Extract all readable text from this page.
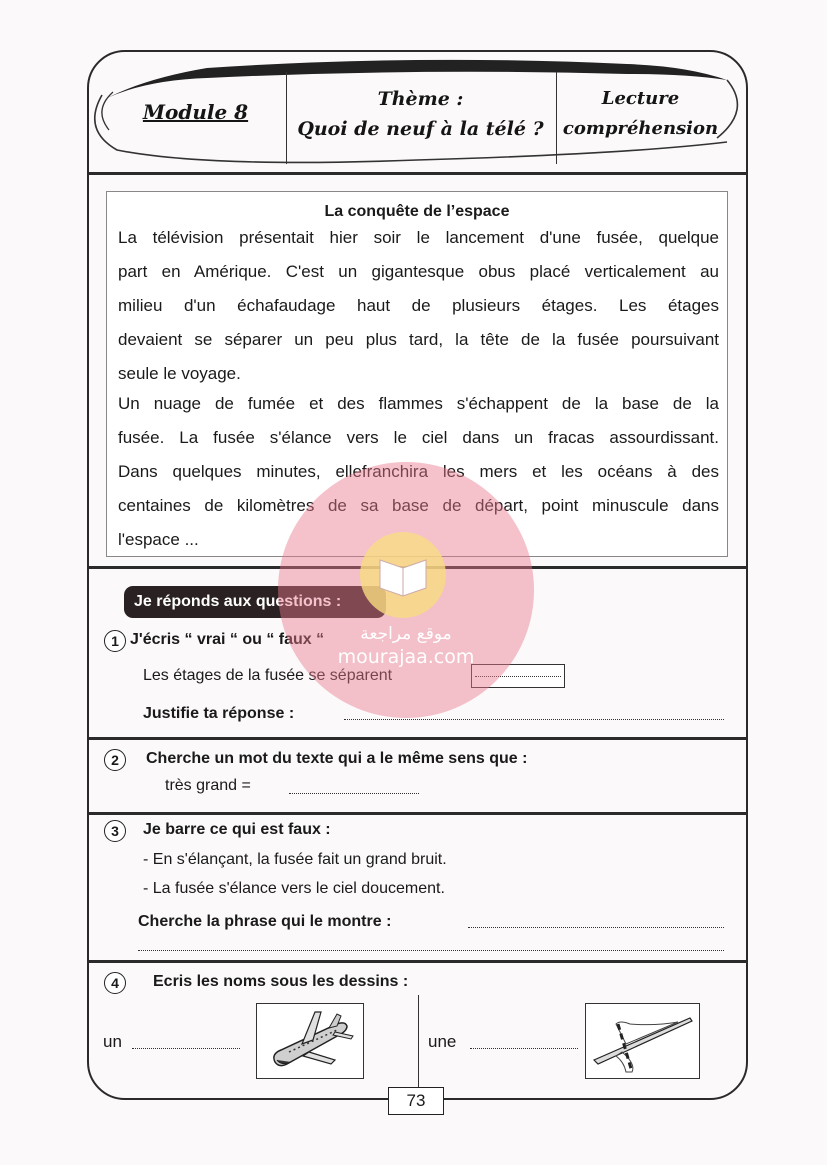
Module 8
Thème :
Quoi de neuf à la télé ?
Lecture
compréhension
La conquête de l’espace
La télévision présentait hier soir le lancement d'une fusée, quelque
part en Amérique. C'est un gigantesque obus placé verticalement au
milieu d'un échafaudage haut de plusieurs étages. Les étages
devaient se séparer un peu plus tard, la tête de la fusée poursuivant
seule le voyage.
Un nuage de fumée et des flammes s'échappent de la base de la
fusée. La fusée s'élance vers le ciel dans un fracas assourdissant.
Dans quelques minutes, ellefranchira les mers et les océans à des
centaines de kilomètres de sa base de départ, point minuscule dans
l'espace ...
Je réponds aux questions :
1 J'écris “ vrai “ ou “ faux “
Les étages de la fusée se séparent
Justifie ta réponse :
2	Cherche un mot du texte qui a le même sens que :
très grand =
3	Je barre ce qui est faux :
- En s'élançant, la fusée fait un grand bruit.
- La fusée s'élance vers le ciel doucement.
Cherche la phrase qui le montre :
4	Ecris les noms sous les dessins :
un	une
73
موقع مراجعة
mourajaa.com
